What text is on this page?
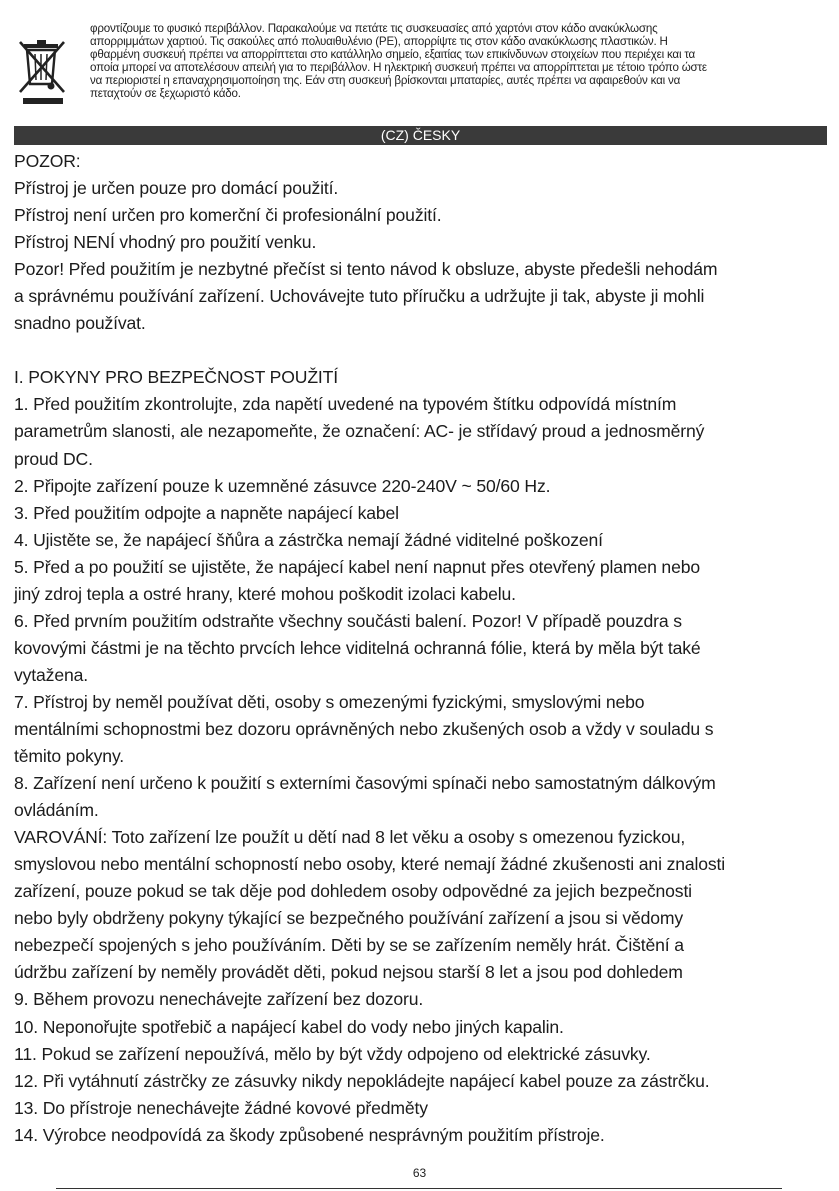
φροντίζουμε το φυσικό περιβάλλον. Παρακαλούμε να πετάτε τις συσκευασίες από χαρτόνι στον κάδο ανακύκλωσης
απορριμμάτων χαρτιού. Τις σακούλες από πολυαιθυλένιο (PE), απορρίψτε τις στον κάδο ανακύκλωσης πλαστικών. Η
φθαρμένη συσκευή πρέπει να απορρίπτεται στο κατάλληλο σημείο, εξαιτίας των επικίνδυνων στοιχείων που περιέχει και τα
οποία μπορεί να αποτελέσουν απειλή για το περιβάλλον. Η ηλεκτρική συσκευή πρέπει να απορρίπτεται με τέτοιο τρόπο ώστε
να περιοριστεί η επαναχρησιμοποίηση της. Εάν στη συσκευή βρίσκονται μπαταρίες, αυτές πρέπει να αφαιρεθούν και να
πεταχτούν σε ξεχωριστό κάδο.
(CZ) ČESKY
POZOR:
Přístroj je určen pouze pro domácí použití.
Přístroj není určen pro komerční či profesionální použití.
Přístroj NENÍ vhodný pro použití venku.
Pozor! Před použitím je nezbytné přečíst si tento návod k obsluze, abyste předešli nehodám
a správnému používání zařízení. Uchovávejte tuto příručku a udržujte ji tak, abyste ji mohli
snadno používat.
I. POKYNY PRO BEZPEČNOST POUŽITÍ
1. Před použitím zkontrolujte, zda napětí uvedené na typovém štítku odpovídá místním
parametrům slanosti, ale nezapomeňte, že označení: AC- je střídavý proud a jednosměrný
proud DC.
2. Připojte zařízení pouze k uzemněné zásuvce 220-240V ~ 50/60 Hz.
3. Před použitím odpojte a napněte napájecí kabel
4. Ujistěte se, že napájecí šňůra a zástrčka nemají žádné viditelné poškození
5. Před a po použití se ujistěte, že napájecí kabel není napnut přes otevřený plamen nebo
jiný zdroj tepla a ostré hrany, které mohou poškodit izolaci kabelu.
6. Před prvním použitím odstraňte všechny součásti balení. Pozor! V případě pouzdra s
kovovými částmi je na těchto prvcích lehce viditelná ochranná fólie, která by měla být také
vytažena.
7. Přístroj by neměl používat děti, osoby s omezenými fyzickými, smyslovými nebo
mentálními schopnostmi bez dozoru oprávněných nebo zkušených osob a vždy v souladu s
těmito pokyny.
8. Zařízení není určeno k použití s externími časovými spínači nebo samostatným dálkovým
ovládáním.
VAROVÁNÍ: Toto zařízení lze použít u dětí nad 8 let věku a osoby s omezenou fyzickou,
smyslovou nebo mentální schopností nebo osoby, které nemají žádné zkušenosti ani znalosti
zařízení, pouze pokud se tak děje pod dohledem osoby odpovědné za jejich bezpečnosti
nebo byly obdrženy pokyny týkající se bezpečného používání zařízení a jsou si vědomy
nebezpečí spojených s jeho používáním. Děti by se se zařízením neměly hrát. Čištění a
údržbu zařízení by neměly provádět děti, pokud nejsou starší 8 let a jsou pod dohledem
9. Během provozu nenechávejte zařízení bez dozoru.
10. Neponořujte spotřebič a napájecí kabel do vody nebo jiných kapalin.
11. Pokud se zařízení nepoužívá, mělo by být vždy odpojeno od elektrické zásuvky.
12. Při vytáhnutí zástrčky ze zásuvky nikdy nepokládejte napájecí kabel pouze za zástrčku.
13. Do přístroje nenechávejte žádné kovové předměty
14. Výrobce neodpovídá za škody způsobené nesprávným použitím přístroje.
63
